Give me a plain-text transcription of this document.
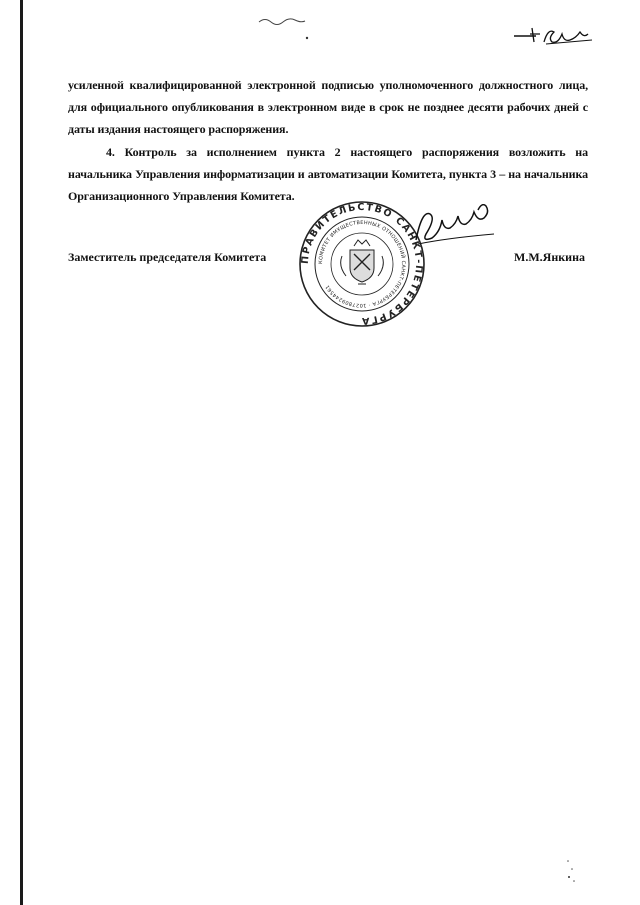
усиленной квалифицированной электронной подписью уполномоченного должностного лица, для официального опубликования в электронном виде в срок не позднее десяти рабочих дней с даты издания настоящего распоряжения.
4. Контроль за исполнением пункта 2 настоящего распоряжения возложить на начальника Управления информатизации и автоматизации Комитета, пункта 3 – на начальника Организационного Управления Комитета.
Заместитель председателя Комитета	М.М.Янкина
ПРАВИТЕЛЬСТВО САНКТ-ПЕТЕРБУРГА
КОМИТЕТ ИМУЩЕСТВЕННЫХ ОТНОШЕНИЙ САНКТ-ПЕТЕРБУРГА · 1027809244561
